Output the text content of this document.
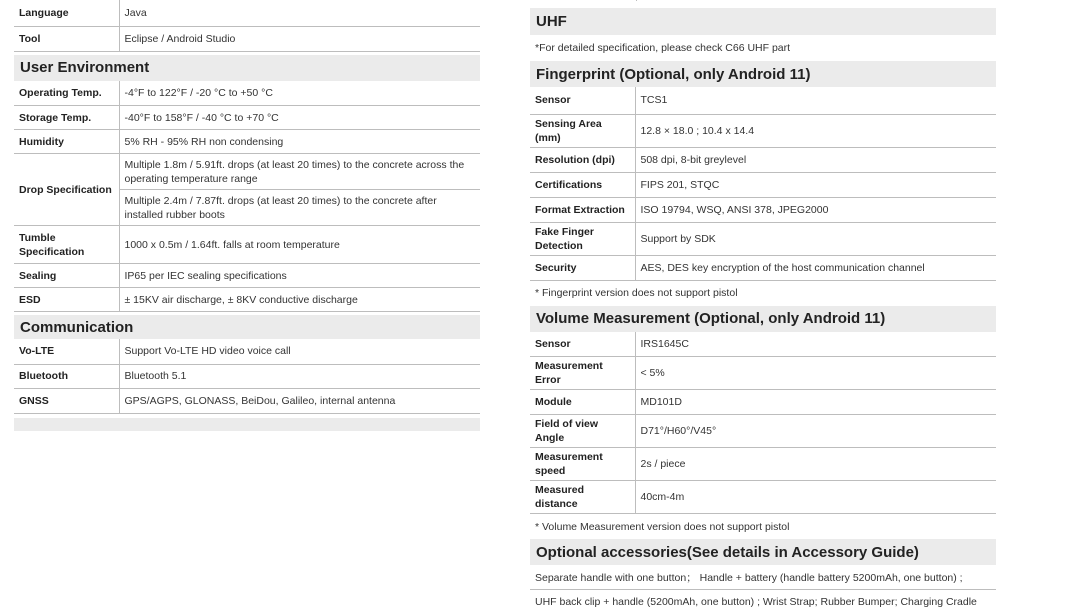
Language	Java
Tool	Eclipse / Android Studio
User Environment
Operating Temp.	-4°F to 122°F / -20 °C to +50 °C
Storage Temp.	-40°F to 158°F / -40 °C to +70 °C
Humidity	5% RH - 95% RH non condensing
Drop Specification	Multiple 1.8m / 5.91ft. drops (at least 20 times) to the concrete across the operating temperature range
	Multiple 2.4m / 7.87ft. drops (at least 20 times) to the concrete after installed rubber boots
Tumble Specification	1000 x 0.5m / 1.64ft. falls at room temperature
Sealing	IP65 per IEC sealing specifications
ESD	± 15KV air discharge, ± 8KV conductive discharge
Communication
Vo-LTE	Support Vo-LTE HD video voice call
Bluetooth	Bluetooth 5.1
GNSS	GPS/AGPS, GLONASS, BeiDou, Galileo, internal antenna
UHF
*For detailed specification, please check C66 UHF part
Fingerprint (Optional, only Android 11)
Sensor	TCS1
Sensing Area (mm)	12.8 × 18.0 ; 10.4 x 14.4
Resolution (dpi)	508 dpi, 8-bit greylevel
Certifications	FIPS 201, STQC
Format Extraction	ISO 19794, WSQ, ANSI 378, JPEG2000
Fake Finger Detection	Support by SDK
Security	AES, DES key encryption of the host communication channel
* Fingerprint version does not support pistol
Volume Measurement (Optional, only Android 11)
Sensor	IRS1645C
Measurement Error	< 5%
Module	MD101D
Field of view Angle	D71°/H60°/V45°
Measurement speed	2s / piece
Measured distance	40cm-4m
* Volume Measurement version does not support pistol
Optional accessories(See details in Accessory Guide)
Separate handle with one button； Handle + battery (handle battery 5200mAh, one button) ;
UHF back clip + handle (5200mAh, one button) ; Wrist Strap; Rubber Bumper; Charging Cradle
